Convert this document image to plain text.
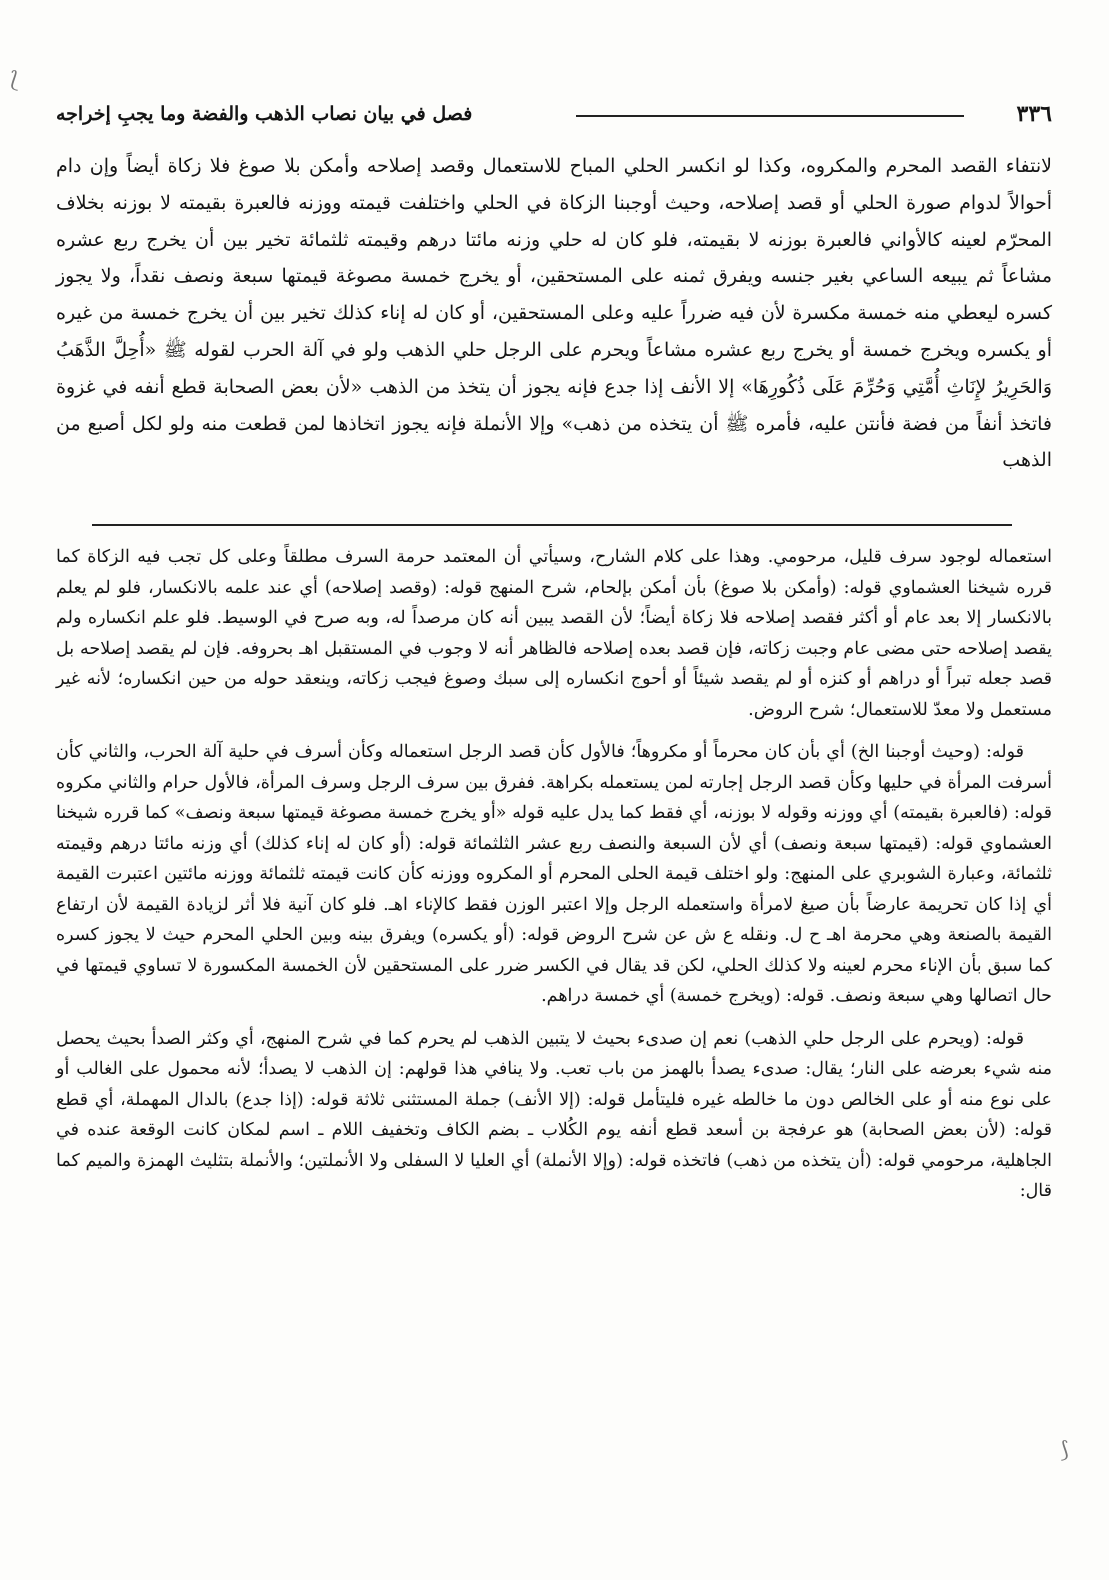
⟅
⟆
٣٣٦
فصل في بيان نصاب الذهب والفضة وما يجبِ إخراجه

لانتفاء القصد المحرم والمكروه، وكذا لو انكسر الحلي المباح للاستعمال وقصد إصلاحه وأمكن بلا صوغ فلا زكاة أيضاً وإن دام أحوالاً لدوام صورة الحلي أو قصد إصلاحه، وحيث أوجبنا الزكاة في الحلي واختلفت قيمته ووزنه فالعبرة بقيمته لا بوزنه بخلاف المحرّم لعينه كالأواني فالعبرة بوزنه لا بقيمته، فلو كان له حلي وزنه مائتا درهم وقيمته ثلثمائة تخير بين أن يخرج ربع عشره مشاعاً ثم يبيعه الساعي بغير جنسه ويفرق ثمنه على المستحقين، أو يخرج خمسة مصوغة قيمتها سبعة ونصف نقداً، ولا يجوز كسره ليعطي منه خمسة مكسرة لأن فيه ضرراً عليه وعلى المستحقين، أو كان له إناء كذلك تخير بين أن يخرج خمسة من غيره أو يكسره ويخرج خمسة أو يخرج ربع عشره مشاعاً ويحرم على الرجل حلي الذهب ولو في آلة الحرب لقوله ﷺ «أُحِلَّ الذَّهَبُ وَالحَرِيرُ لإِنَاثِ أُمَّتِي وَحُرِّمَ عَلَى ذُكُورِهَا» إلا الأنف إذا جدع فإنه يجوز أن يتخذ من الذهب «لأن بعض الصحابة قطع أنفه في غزوة فاتخذ أنفاً من فضة فأنتن عليه، فأمره ﷺ أن يتخذه من ذهب» وإلا الأنملة فإنه يجوز اتخاذها لمن قطعت منه ولو لكل أصبع من الذهب

استعماله لوجود سرف قليل، مرحومي. وهذا على كلام الشارح، وسيأتي أن المعتمد حرمة السرف مطلقاً وعلى كل تجب فيه الزكاة كما قرره شيخنا العشماوي قوله: (وأمكن بلا صوغ) بأن أمكن بإلحام، شرح المنهج قوله: (وقصد إصلاحه) أي عند علمه بالانكسار، فلو لم يعلم بالانكسار إلا بعد عام أو أكثر فقصد إصلاحه فلا زكاة أيضاً؛ لأن القصد يبين أنه كان مرصداً له، وبه صرح في الوسيط. فلو علم انكساره ولم يقصد إصلاحه حتى مضى عام وجبت زكاته، فإن قصد بعده إصلاحه فالظاهر أنه لا وجوب في المستقبل اهـ بحروفه. فإن لم يقصد إصلاحه بل قصد جعله تبراً أو دراهم أو كنزه أو لم يقصد شيئاً أو أحوج انكساره إلى سبك وصوغ فيجب زكاته، وينعقد حوله من حين انكساره؛ لأنه غير مستعمل ولا معدّ للاستعمال؛ شرح الروض.

قوله: (وحيث أوجبنا الخ) أي بأن كان محرماً أو مكروهاً؛ فالأول كأن قصد الرجل استعماله وكأن أسرف في حلية آلة الحرب، والثاني كأن أسرفت المرأة في حليها وكأن قصد الرجل إجارته لمن يستعمله بكراهة. ففرق بين سرف الرجل وسرف المرأة، فالأول حرام والثاني مكروه قوله: (فالعبرة بقيمته) أي ووزنه وقوله لا بوزنه، أي فقط كما يدل عليه قوله «أو يخرج خمسة مصوغة قيمتها سبعة ونصف» كما قرره شيخنا العشماوي قوله: (قيمتها سبعة ونصف) أي لأن السبعة والنصف ربع عشر الثلثمائة قوله: (أو كان له إناء كذلك) أي وزنه مائتا درهم وقيمته ثلثمائة، وعبارة الشوبري على المنهج: ولو اختلف قيمة الحلى المحرم أو المكروه ووزنه كأن كانت قيمته ثلثمائة ووزنه مائتين اعتبرت القيمة أي إذا كان تحريمة عارضاً بأن صيغ لامرأة واستعمله الرجل وإلا اعتبر الوزن فقط كالإناء اهـ. فلو كان آنية فلا أثر لزيادة القيمة لأن ارتفاع القيمة بالصنعة وهي محرمة اهـ ح ل. ونقله ع ش عن شرح الروض قوله: (أو يكسره) ويفرق بينه وبين الحلي المحرم حيث لا يجوز كسره كما سبق بأن الإناء محرم لعينه ولا كذلك الحلي، لكن قد يقال في الكسر ضرر على المستحقين لأن الخمسة المكسورة لا تساوي قيمتها في حال اتصالها وهي سبعة ونصف. قوله: (ويخرج خمسة) أي خمسة دراهم.

قوله: (ويحرم على الرجل حلي الذهب) نعم إن صدىء بحيث لا يتبين الذهب لم يحرم كما في شرح المنهج، أي وكثر الصدأ بحيث يحصل منه شيء بعرضه على النار؛ يقال: صدىء يصدأ بالهمز من باب تعب. ولا ينافي هذا قولهم: إن الذهب لا يصدأ؛ لأنه محمول على الغالب أو على نوع منه أو على الخالص دون ما خالطه غيره فليتأمل قوله: (إلا الأنف) جملة المستثنى ثلاثة قوله: (إذا جدع) بالدال المهملة، أي قطع قوله: (لأن بعض الصحابة) هو عرفجة بن أسعد قطع أنفه يوم الكُلاب ـ بضم الكاف وتخفيف اللام ـ اسم لمكان كانت الوقعة عنده في الجاهلية، مرحومي قوله: (أن يتخذه من ذهب) فاتخذه قوله: (وإلا الأنملة) أي العليا لا السفلى ولا الأنملتين؛ والأنملة بتثليث الهمزة والميم كما قال:
